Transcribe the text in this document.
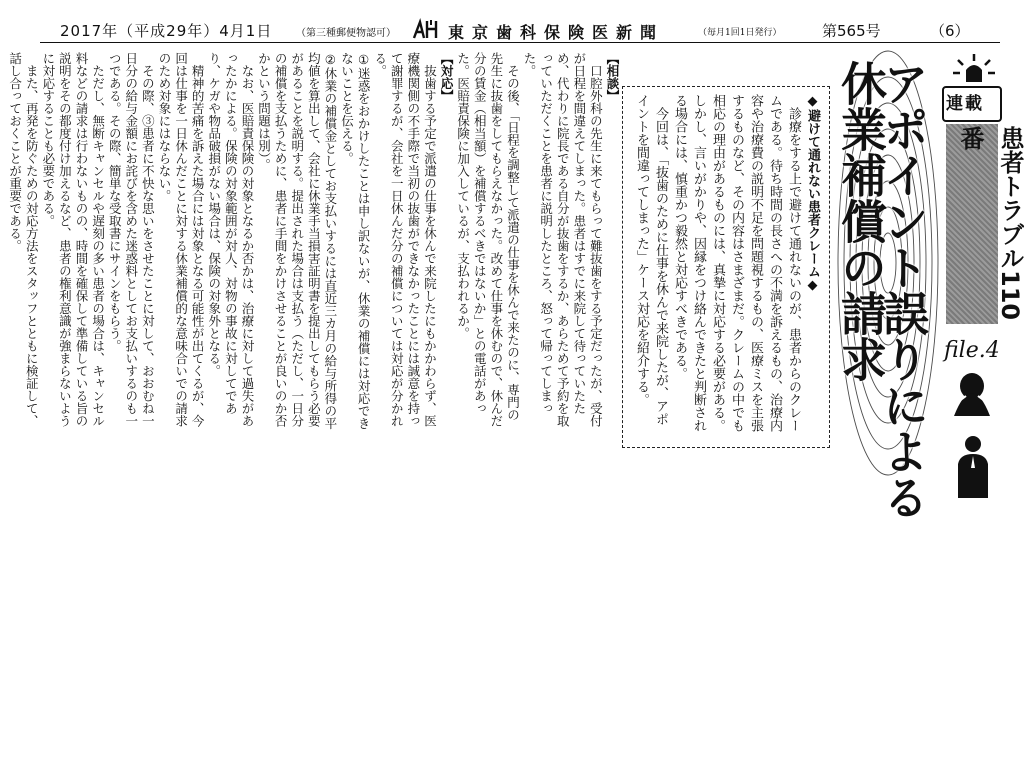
2017年（平成29年）4月1日 （第三種郵便物認可）	東京歯科保険医新聞	（毎月1回1日発行）	第565号	（6）
連載
患者トラブル110番
file.4
アポイント誤りによる
休業補償の請求
◆避けて通れない患者クレーム◆
　診療をする上で避けて通れないのが、患者からのクレームである。待ち時間の長さへの不満を訴えるもの、治療内容や治療費の説明不足を問題視するもの、医療ミスを主張するものなど、その内容はさまざまだ。クレームの中でも相応の理由があるものには、真摯に対応する必要がある。しかし、言いがかりや、因縁をつけ絡んできたと判断される場合には、慎重かつ毅然と対応すべきである。
　今回は、「抜歯のために仕事を休んで来院したが、アポイントを間違ってしまった」ケース対応を紹介する。
【相談】
　口腔外科の先生に来てもらって難抜歯をする予定だったが、受付が日程を間違えてしまった。患者はすでに来院して待っていたため、代わりに院長である自分が抜歯をするか、あらためて予約を取っていただくことを患者に説明したところ、怒って帰ってしまった。
　その後、「日程を調整して派遣の仕事を休んで来たのに、専門の先生に抜歯をしてもらえなかった。改めて仕事を休むので、休んだ分の賃金（相当額）を補償するべきではないか」との電話があった。医賠責保険に加入しているが、支払われるか。
【対応】
　抜歯する予定で派遣の仕事を休んで来院したにもかかわらず、医療機関側の不手際で当初の抜歯ができなかったことには誠意を持って謝罪するが、会社を一日休んだ分の補償については対応が分かれる。
①迷惑をおかけしたことは申し訳ないが、休業の補償には対応できないことを伝える。
②休業の補償金としてお支払いするには直近三カ月の給与所得の平均値を算出して、会社に休業手当損害証明書を提出してもらう必要があることを説明する。提出された場合は支払う（ただし、一日分の補償を支払うために、患者に手間をかけさせることが良いのか否かという問題は別）。
　なお、医賠責保険の対象となるか否かは、治療に対して過失があったかによる。保険の対象範囲が対人、対物の事故に対してであり、ケガや物品破損がない場合は、保険の対象外となる。
　精神的苦痛を訴えた場合には対象となる可能性が出てくるが、今回は仕事を一日休んだことに対する休業補償的な意味合いでの請求のため対象にはならない。
　その際、③患者に不快な思いをさせたことに対して、おおむね一日分の給与金額にお詫びを含めた迷惑料としてお支払いするのも一つである。その際、簡単な受取書にサインをもらう。
　ただし、無断キャンセルや遅刻の多い患者の場合は、キャンセル料などの請求は行わないものの、時間を確保して準備している旨の説明をその都度付け加えるなど、患者の権利意識が強まらないように対応することも必要である。
　また、再発を防ぐための対応方法をスタッフとともに検証して、話し合っておくことが重要である。
